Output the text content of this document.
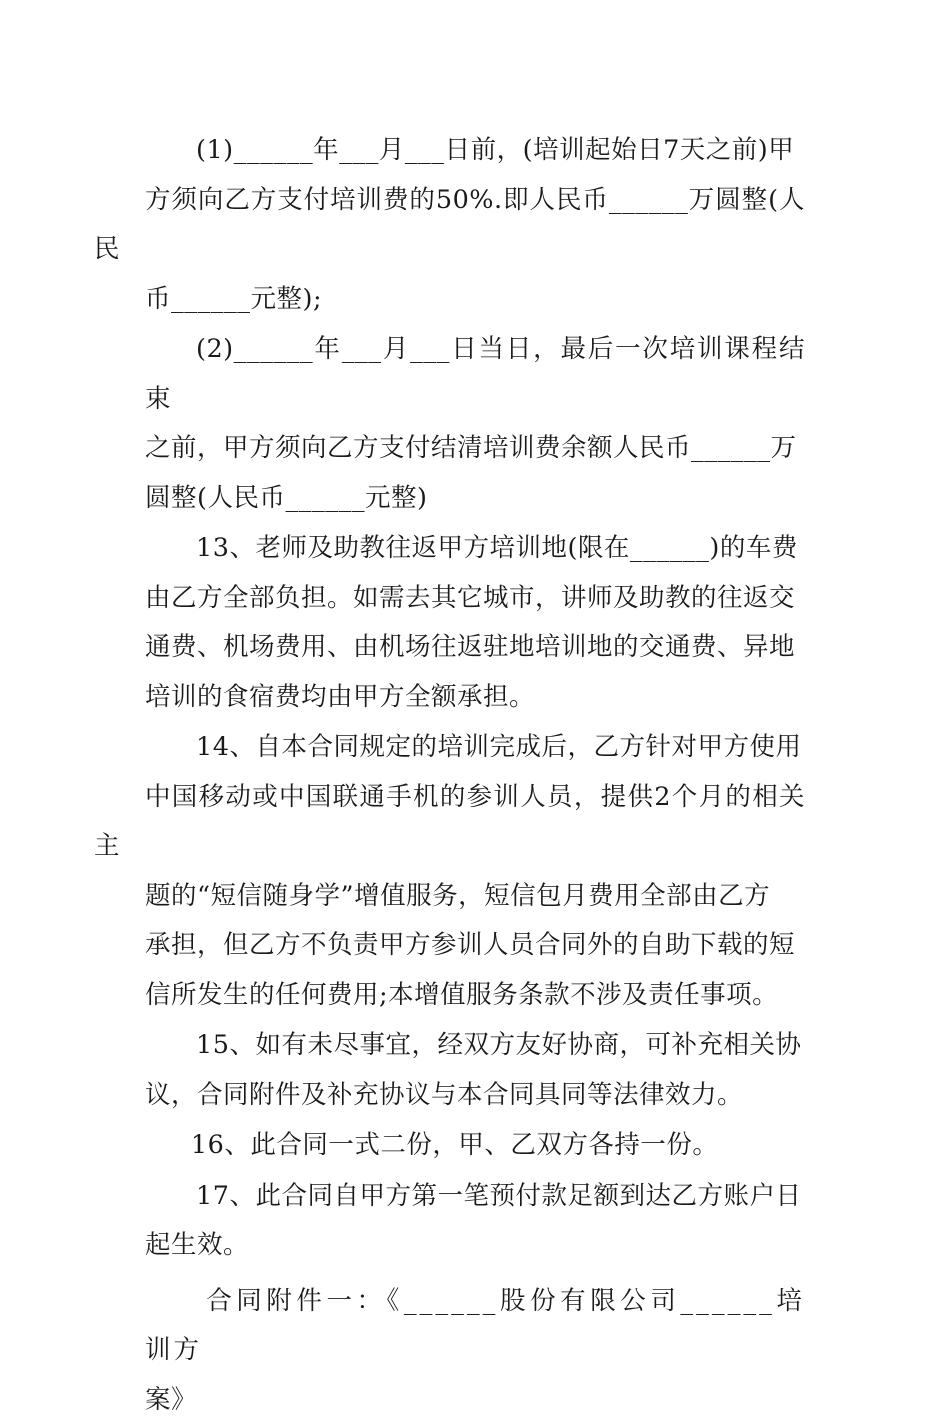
(1)______年___月___日前，(培训起始日7天之前)甲
方须向乙方支付培训费的50%.即人民币______万圆整(人民
币______元整);

(2)______年___月___日当日，最后一次培训课程结束
之前，甲方须向乙方支付结清培训费余额人民币______万
圆整(人民币______元整)

13、老师及助教往返甲方培训地(限在______)的车费
由乙方全部负担。如需去其它城市，讲师及助教的往返交
通费、机场费用、由机场往返驻地培训地的交通费、异地
培训的食宿费均由甲方全额承担。

14、自本合同规定的培训完成后，乙方针对甲方使用
中国移动或中国联通手机的参训人员，提供2个月的相关主
题的“短信随身学”增值服务，短信包月费用全部由乙方
承担，但乙方不负责甲方参训人员合同外的自助下载的短
信所发生的任何费用;本增值服务条款不涉及责任事项。

15、如有未尽事宜，经双方友好协商，可补充相关协
议，合同附件及补充协议与本合同具同等法律效力。

16、此合同一式二份，甲、乙双方各持一份。

17、此合同自甲方第一笔预付款足额到达乙方账户日
起生效。

合同附件一：《______股份有限公司______培训方
案》
